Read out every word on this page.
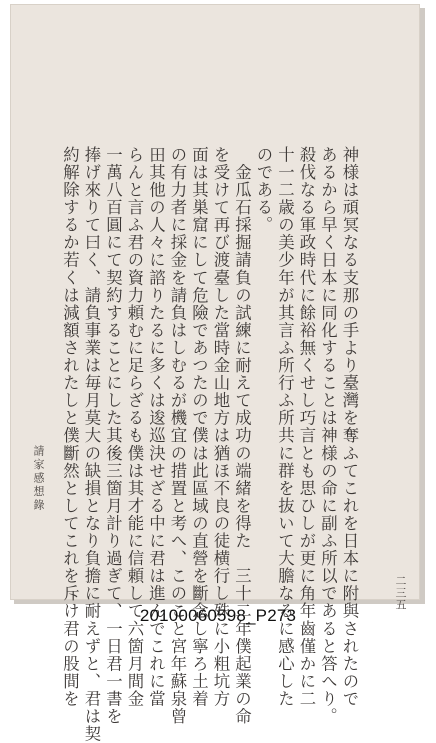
神様は頑冥なる支那の手より臺灣を奪ふてこれを日本に附與されたので
あるから早く日本に同化することは神様の命に副ふ所以であると答へり。
殺伐なる軍政時代に餘裕無くせし巧言とも思ひしが更に角年齒僅かに二
十一二歳の美少年が其言ふ所行ふ所共に群を抜いて大膽なるに感心した
のである。
　金瓜石採掘請負の試練に耐えて成功の端緒を得た　三十二年僕起業の命
を受けて再び渡臺した當時金山地方は猶ほ不良の徒横行し殊に小粗坑方
面は其巣窟にして危險であつたので僕は此區域の直營を斷念し寧ろ土着
の有力者に採金を請負はしむるが機宜の措置と考へ、このこと宮年蘇泉曾
田其他の人々に諮りたるに多くは逡巡決せざる中に君は進んでこれに當
らんと言ふ君の資力頼むに足らざるも僕は其才能に信頼して六箇月間金
一萬八百圓にて契約することにした其後三箇月計り過ぎて、一日君一書を
捧げ來りて曰く、請負事業は毎月莫大の缺損となり負擔に耐えずと、君は契
約解除するか若くは減額されたしと僕斷然としてこれを斥け君の股間を
請家感想錄
二三五
20100060598_P273
